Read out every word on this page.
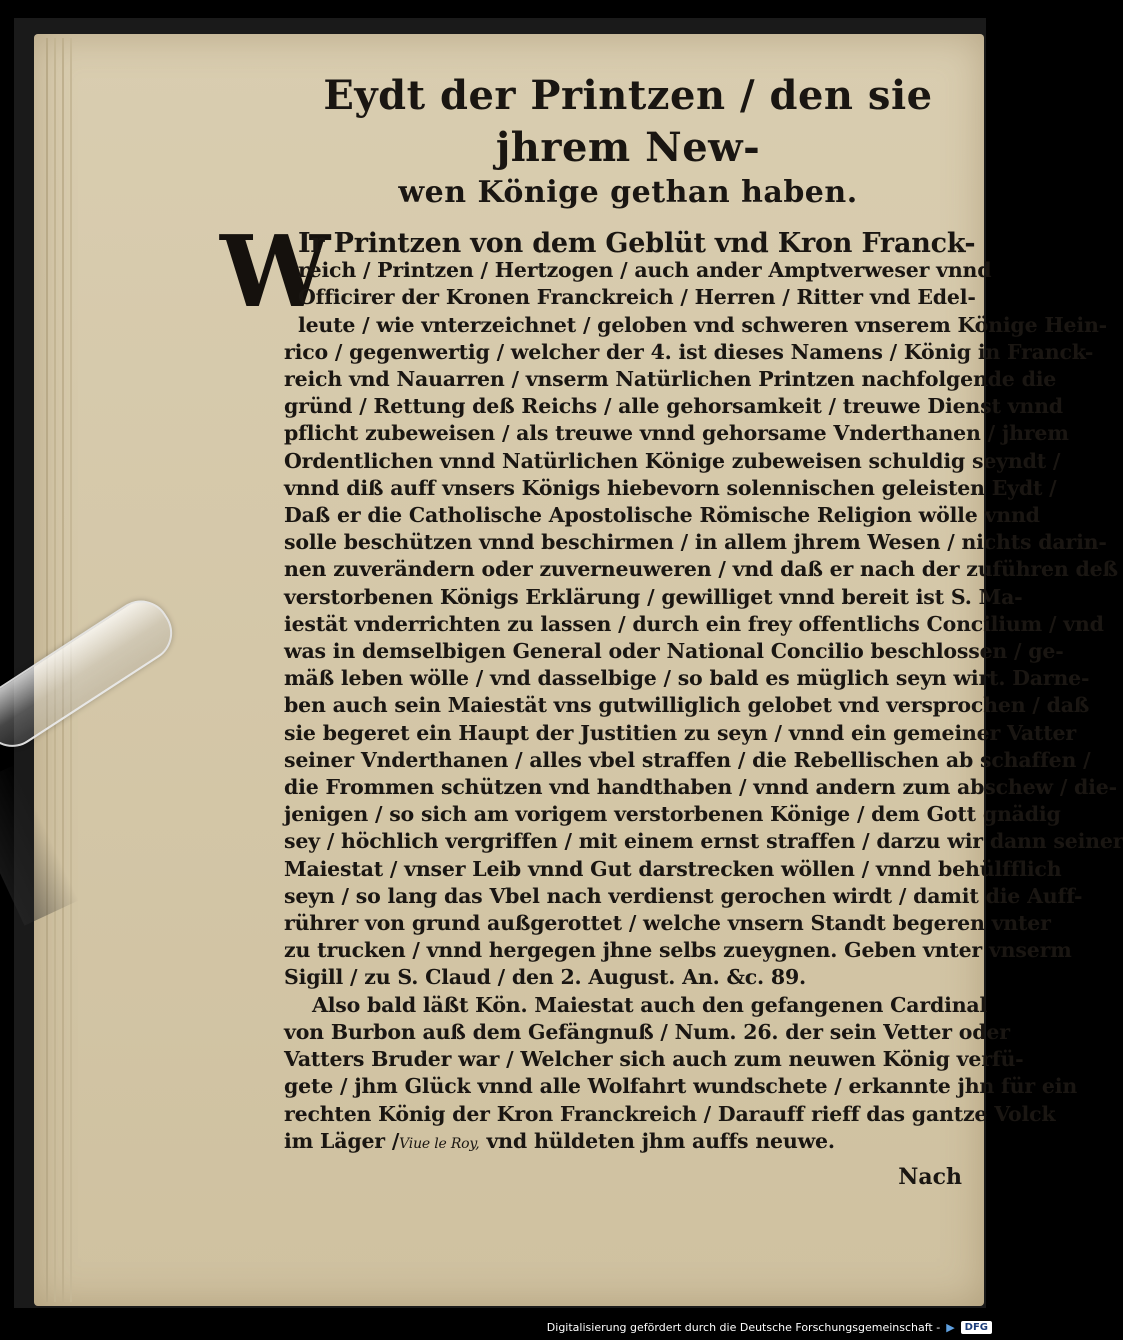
Eydt der Printzen / den sie jhrem New-
wen Könige gethan haben.
W
Ir Printzen von dem Geblüt vnd Kron Franck-
reich / Printzen / Hertzogen / auch ander Amptverweser vnnd
Officirer der Kronen Franckreich / Herren / Ritter vnd Edel-
leute / wie vnterzeichnet / geloben vnd schweren vnserem Könige Hein-
rico / gegenwertig / welcher der 4. ist dieses Namens / König in Franck-
reich vnd Nauarren / vnserm Natürlichen Printzen nachfolgende die
gründ / Rettung deß Reichs / alle gehorsamkeit / treuwe Dienst vnnd
pflicht zubeweisen / als treuwe vnnd gehorsame Vnderthanen / jhrem
Ordentlichen vnnd Natürlichen Könige zubeweisen schuldig seyndt /
vnnd diß auff vnsers Königs hiebevorn solennischen geleisten Eydt /
Daß er die Catholische Apostolische Römische Religion wölle vnnd
solle beschützen vnnd beschirmen / in allem jhrem Wesen / nichts darin-
nen zuverändern oder zuverneuweren / vnd daß er nach der zuführen deß
verstorbenen Königs Erklärung / gewilliget vnnd bereit ist S. Ma-
iestät vnderrichten zu lassen / durch ein frey offentlichs Concilium / vnd
was in demselbigen General oder National Concilio beschlossen / ge-
mäß leben wölle / vnd dasselbige / so bald es müglich seyn wirt. Darne-
ben auch sein Maiestät vns gutwilliglich gelobet vnd versprochen / daß
sie begeret ein Haupt der Justitien zu seyn / vnnd ein gemeiner Vatter
seiner Vnderthanen / alles vbel straffen / die Rebellischen ab schaffen /
die Frommen schützen vnd handthaben / vnnd andern zum abschew / die-
jenigen / so sich am vorigem verstorbenen Könige / dem Gott gnädig
sey / höchlich vergriffen / mit einem ernst straffen / darzu wir dann seiner
Maiestat / vnser Leib vnnd Gut darstrecken wöllen / vnnd behülfflich
seyn / so lang das Vbel nach verdienst gerochen wirdt / damit die Auff-
rührer von grund außgerottet / welche vnsern Standt begeren vnter
zu trucken / vnnd hergegen jhne selbs zueygnen. Geben vnter vnserm
Sigill / zu S. Claud / den 2. August. An. &c. 89.
Also bald läßt Kön. Maiestat auch den gefangenen Cardinal
von Burbon auß dem Gefängnuß / Num. 26. der sein Vetter oder
Vatters Bruder war / Welcher sich auch zum neuwen König verfü-
gete / jhm Glück vnnd alle Wolfahrt wundschete / erkannte jhn für ein
rechten König der Kron Franckreich / Darauff rieff das gantze Volck
im Läger /Viue le Roy, vnd hüldeten jhm auffs neuwe.
Nach
Digitalisierung gefördert durch die Deutsche Forschungsgemeinschaft - ▶	DFG
